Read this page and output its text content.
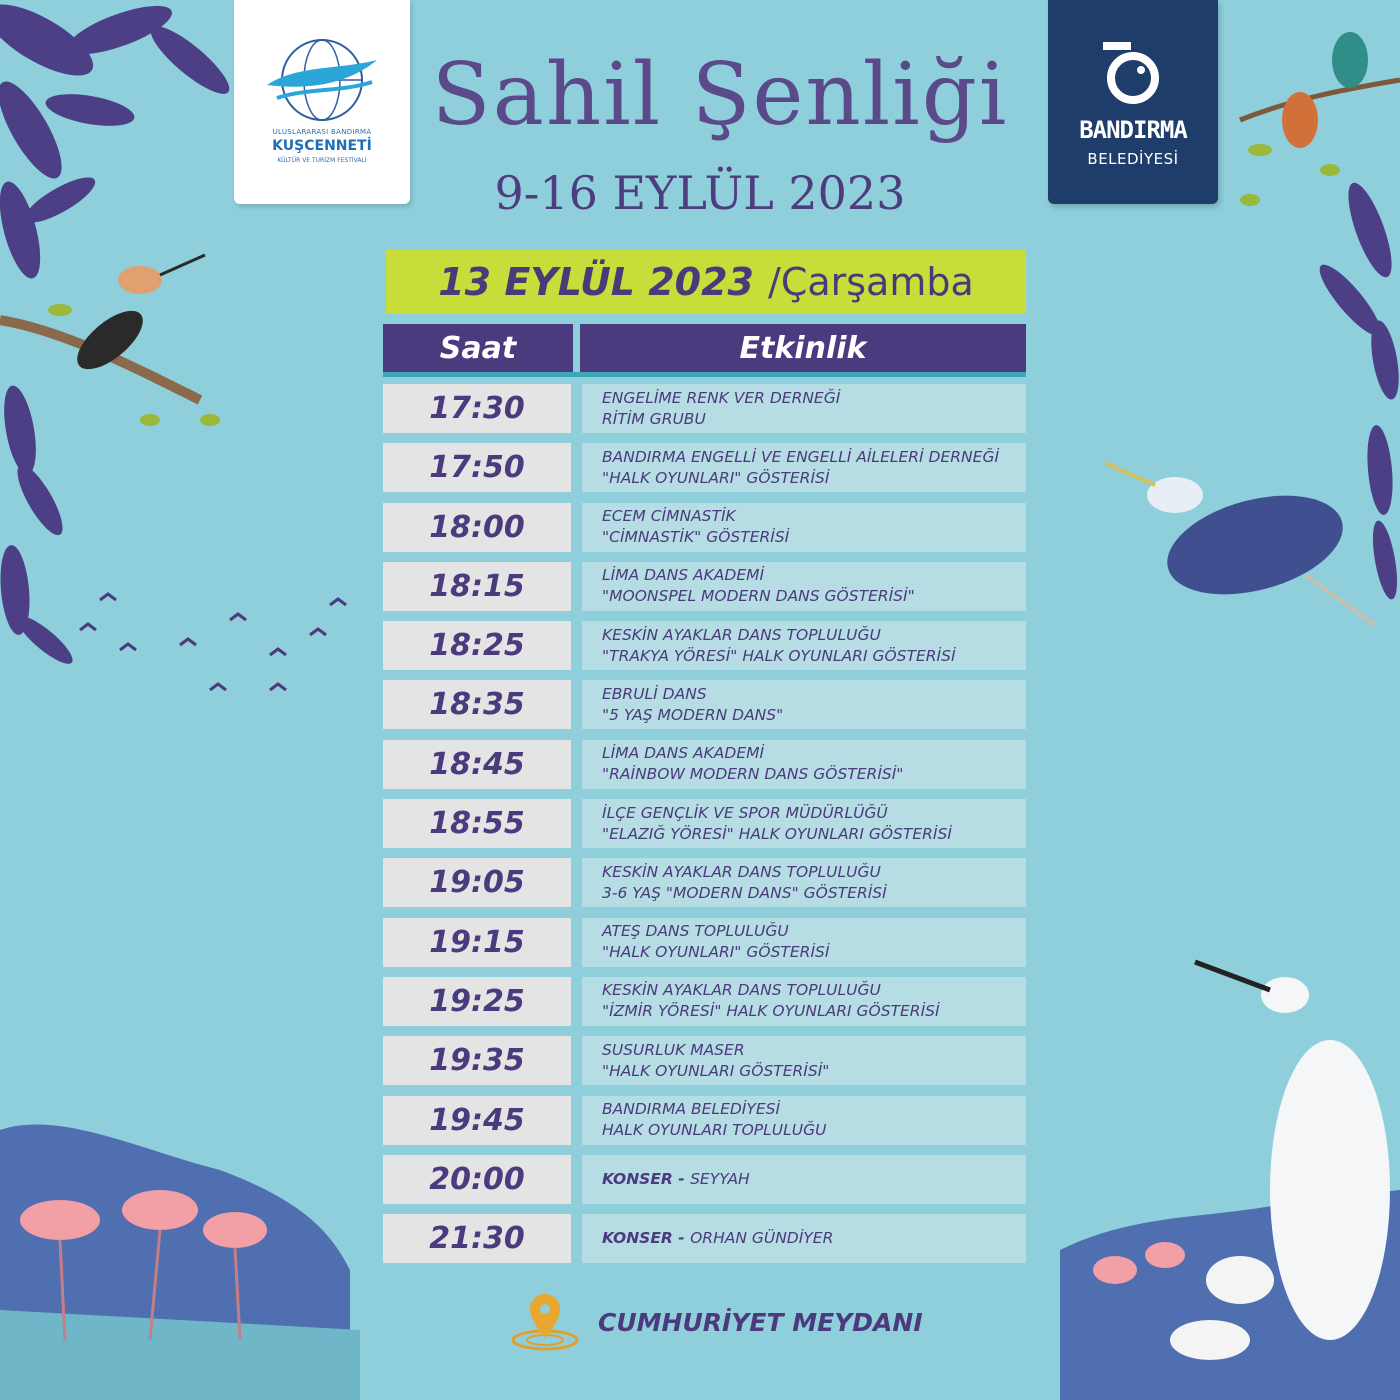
ULUSLARARASI BANDIRMA
KUŞCENNETİ
KÜLTÜR VE TURİZM FESTİVALİ
BANDIRMA
BELEDİYESİ
Sahil Şenliği
9-16 EYLÜL 2023
13 EYLÜL 2023 /Çarşamba
Saat	Etkinlik
17:30	ENGELİME RENK VER DERNEĞİ
RİTİM GRUBU
17:50	BANDIRMA ENGELLİ VE ENGELLİ AİLELERİ DERNEĞİ
"HALK OYUNLARI" GÖSTERİSİ
18:00	ECEM CİMNASTİK
"CİMNASTİK" GÖSTERİSİ
18:15	LİMA DANS AKADEMİ
"MOONSPEL MODERN DANS GÖSTERİSİ"
18:25	KESKİN AYAKLAR DANS TOPLULUĞU
"TRAKYA YÖRESİ" HALK OYUNLARI GÖSTERİSİ
18:35	EBRULİ DANS
"5 YAŞ MODERN DANS"
18:45	LİMA DANS AKADEMİ
"RAİNBOW MODERN DANS GÖSTERİSİ"
18:55	İLÇE GENÇLİK VE SPOR MÜDÜRLÜĞÜ
"ELAZIĞ YÖRESİ" HALK OYUNLARI GÖSTERİSİ
19:05	KESKİN AYAKLAR DANS TOPLULUĞU
3-6 YAŞ "MODERN DANS" GÖSTERİSİ
19:15	ATEŞ DANS TOPLULUĞU
"HALK OYUNLARI" GÖSTERİSİ
19:25	KESKİN AYAKLAR DANS TOPLULUĞU
"İZMİR YÖRESİ" HALK OYUNLARI GÖSTERİSİ
19:35	SUSURLUK MASER
"HALK OYUNLARI GÖSTERİSİ"
19:45	BANDIRMA BELEDİYESİ
HALK OYUNLARI TOPLULUĞU
20:00	KONSER - SEYYAH
21:30	KONSER - ORHAN GÜNDİYER
CUMHURİYET MEYDANI
